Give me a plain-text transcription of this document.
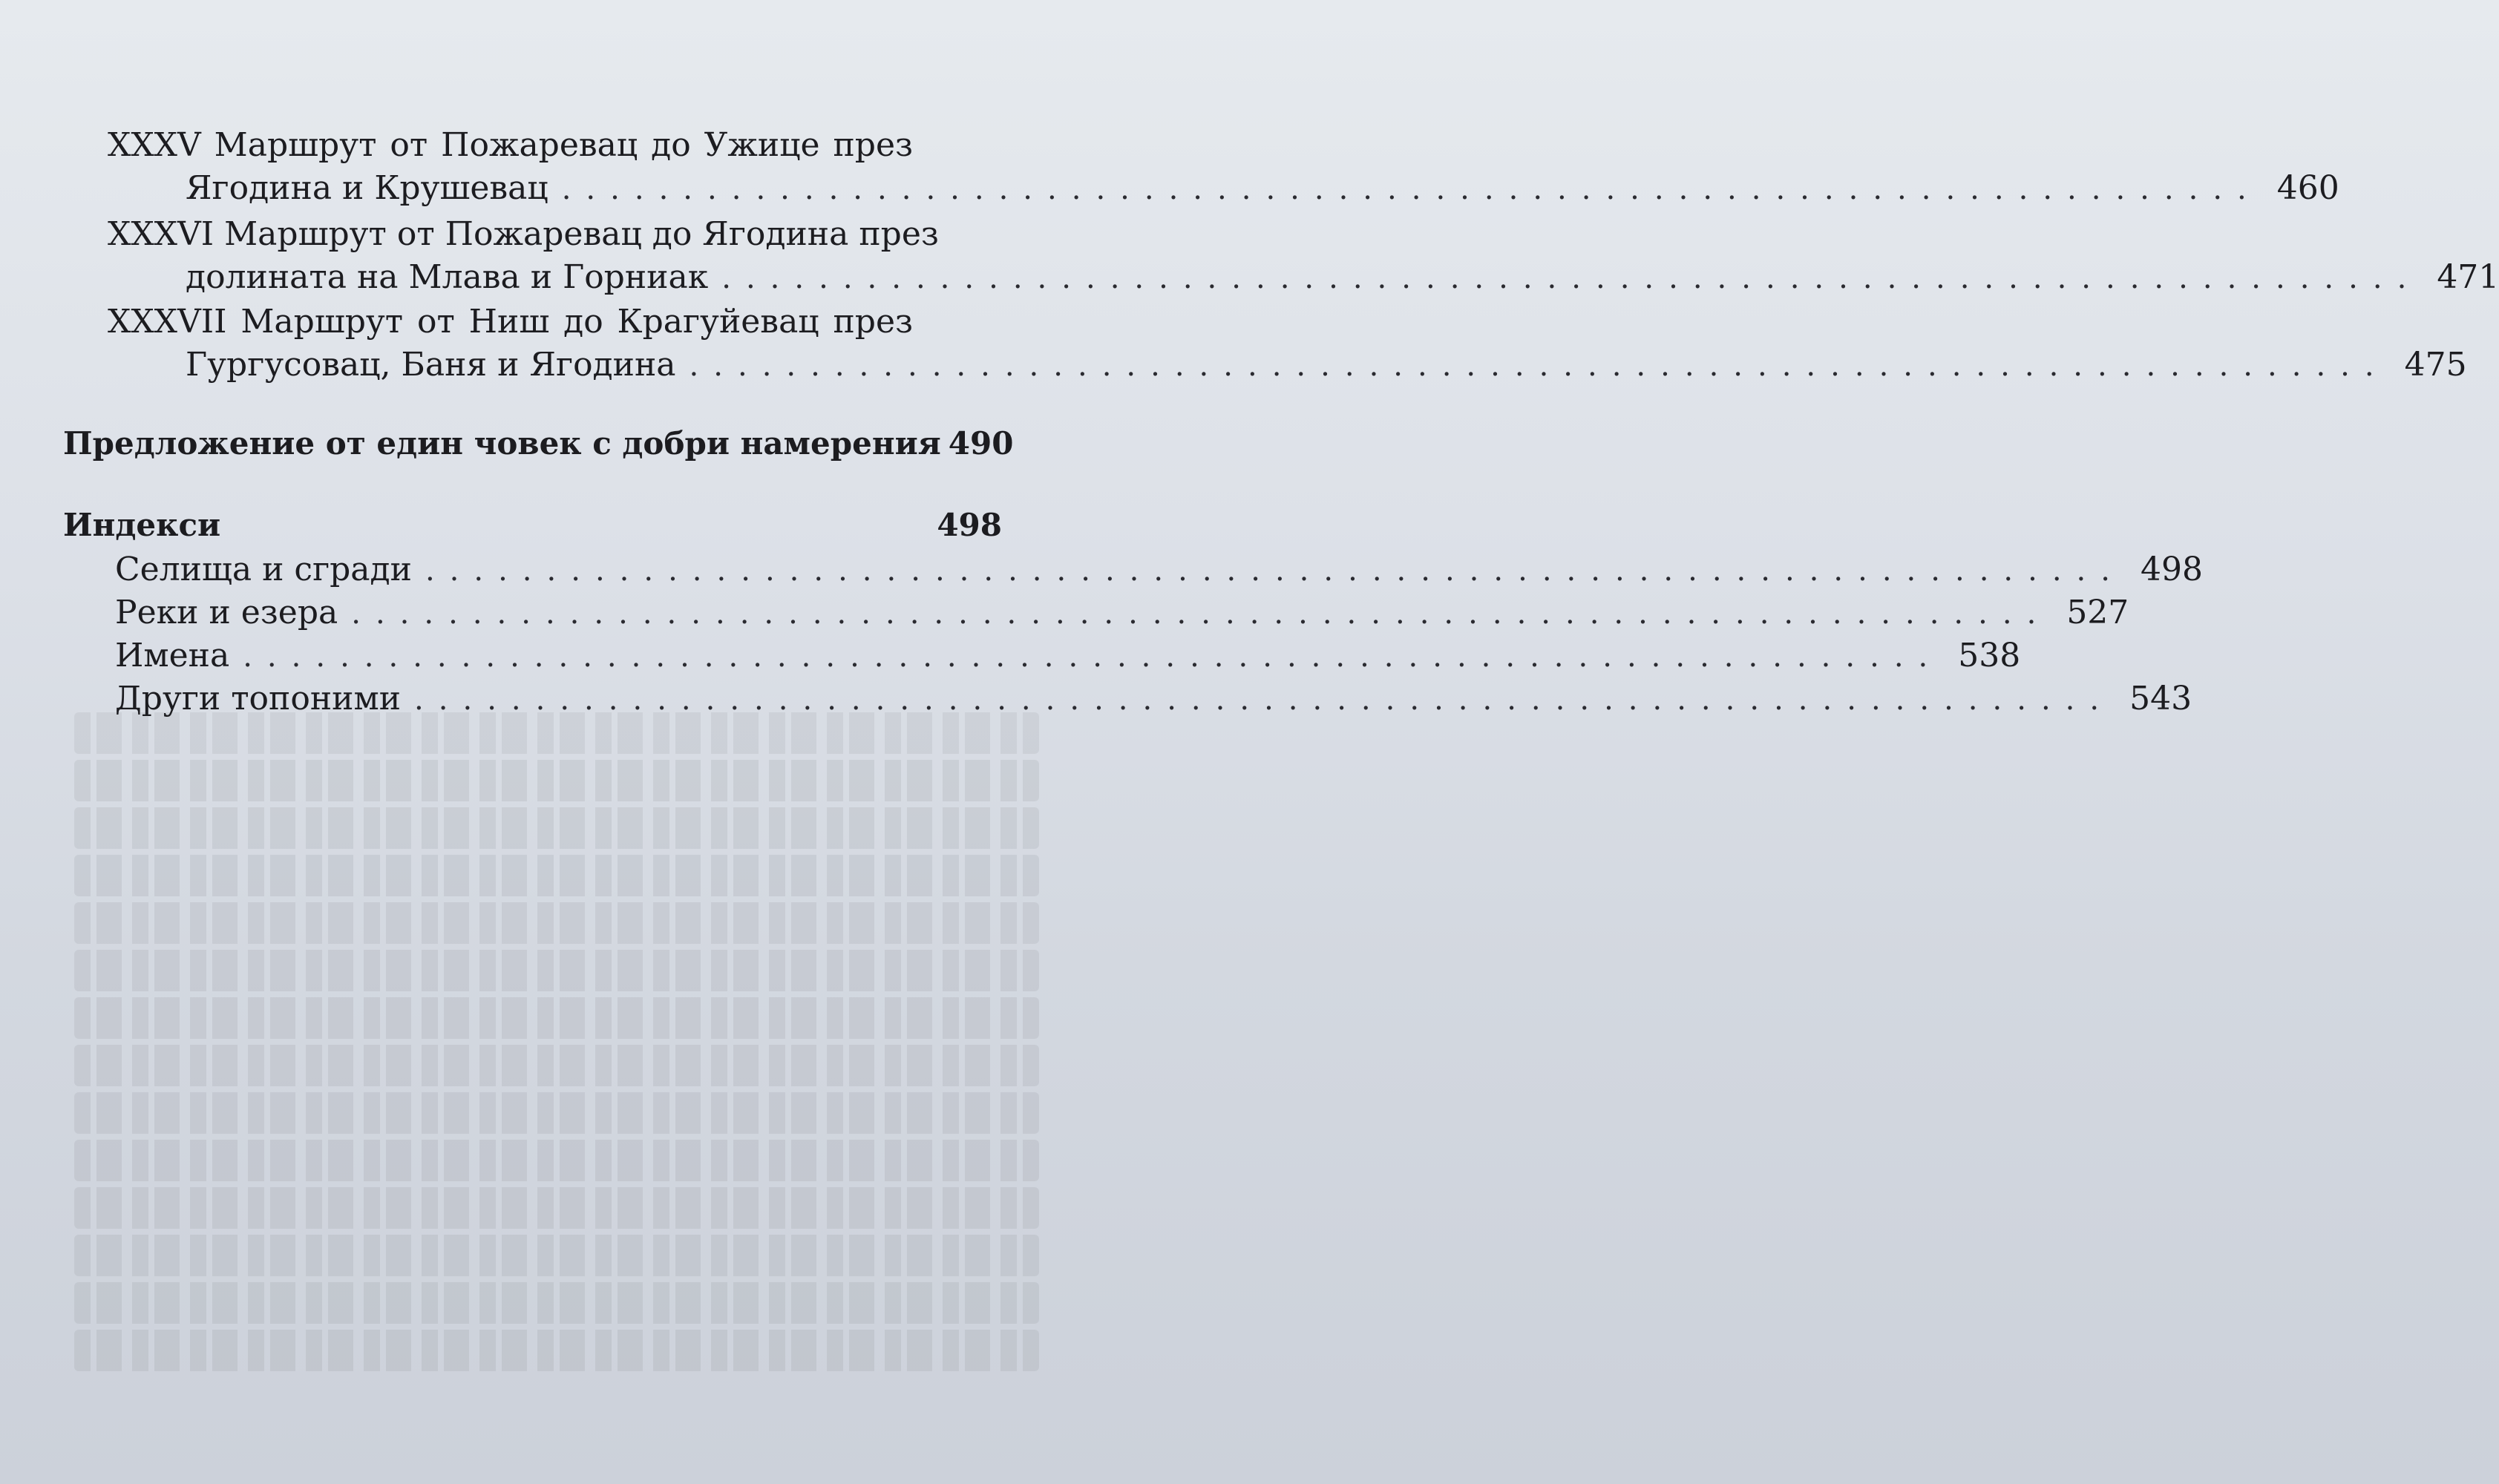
XXXV Маршрут от Пожаревац до Ужице през
Ягодина и Крушевац ...................................................................... 460
XXXVI Маршрут от Пожаревац до Ягодина през
долината на Млава и Горниак ...................................................................... 471
XXXVII Маршрут от Ниш до Крагуйевац през
Гургусовац, Баня и Ягодина ...................................................................... 475
Предложение от един човек с добри намерения 490
Индекси	498
Селища и сгради ...................................................................... 498
Реки и езера ...................................................................... 527
Имена ...................................................................... 538
Други топоними ...................................................................... 543
